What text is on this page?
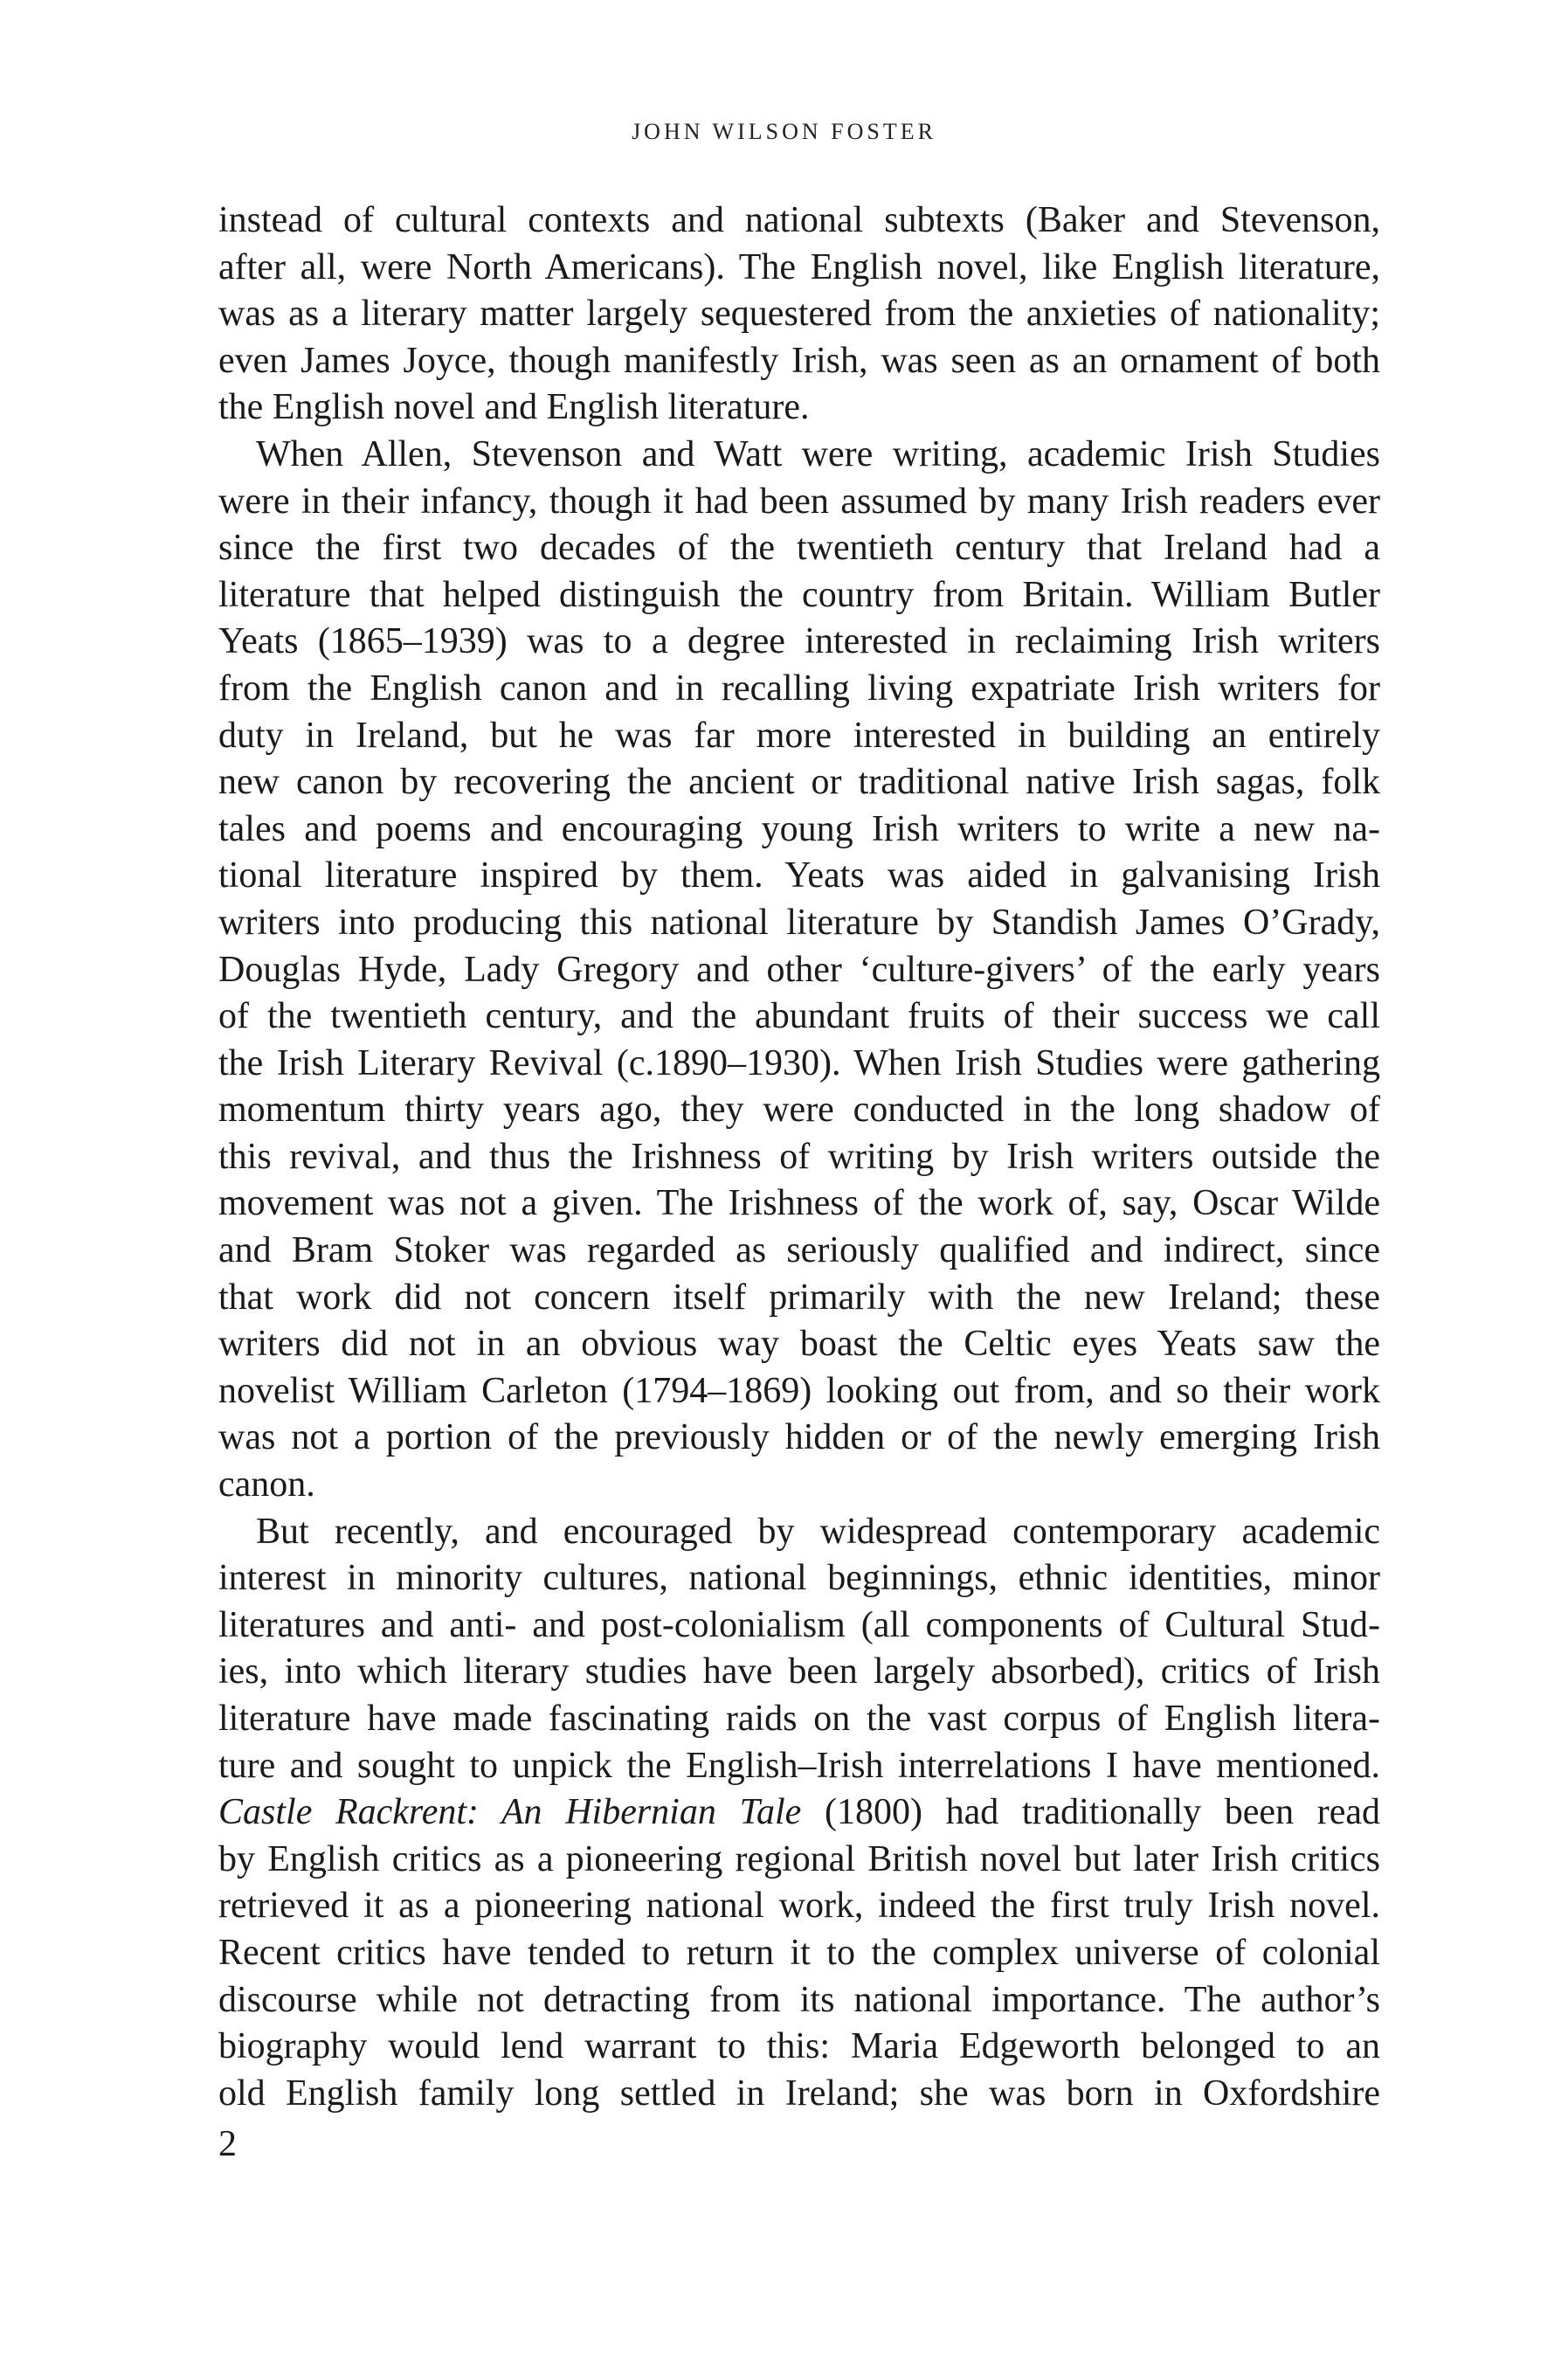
JOHN WILSON FOSTER

instead of cultural contexts and national subtexts (Baker and Stevenson,
after all, were North Americans). The English novel, like English literature,
was as a literary matter largely sequestered from the anxieties of nationality;
even James Joyce, though manifestly Irish, was seen as an ornament of both
the English novel and English literature.

When Allen, Stevenson and Watt were writing, academic Irish Studies
were in their infancy, though it had been assumed by many Irish readers ever
since the first two decades of the twentieth century that Ireland had a
literature that helped distinguish the country from Britain. William Butler
Yeats (1865–1939) was to a degree interested in reclaiming Irish writers
from the English canon and in recalling living expatriate Irish writers for
duty in Ireland, but he was far more interested in building an entirely
new canon by recovering the ancient or traditional native Irish sagas, folk
tales and poems and encouraging young Irish writers to write a new na-
tional literature inspired by them. Yeats was aided in galvanising Irish
writers into producing this national literature by Standish James O’Grady,
Douglas Hyde, Lady Gregory and other ‘culture-givers’ of the early years
of the twentieth century, and the abundant fruits of their success we call
the Irish Literary Revival (c.1890–1930). When Irish Studies were gathering
momentum thirty years ago, they were conducted in the long shadow of
this revival, and thus the Irishness of writing by Irish writers outside the
movement was not a given. The Irishness of the work of, say, Oscar Wilde
and Bram Stoker was regarded as seriously qualified and indirect, since
that work did not concern itself primarily with the new Ireland; these
writers did not in an obvious way boast the Celtic eyes Yeats saw the
novelist William Carleton (1794–1869) looking out from, and so their work
was not a portion of the previously hidden or of the newly emerging Irish
canon.

But recently, and encouraged by widespread contemporary academic
interest in minority cultures, national beginnings, ethnic identities, minor
literatures and anti- and post-colonialism (all components of Cultural Stud-
ies, into which literary studies have been largely absorbed), critics of Irish
literature have made fascinating raids on the vast corpus of English litera-
ture and sought to unpick the English–Irish interrelations I have mentioned.
Castle Rackrent: An Hibernian Tale (1800) had traditionally been read
by English critics as a pioneering regional British novel but later Irish critics
retrieved it as a pioneering national work, indeed the first truly Irish novel.
Recent critics have tended to return it to the complex universe of colonial
discourse while not detracting from its national importance. The author’s
biography would lend warrant to this: Maria Edgeworth belonged to an
old English family long settled in Ireland; she was born in Oxfordshire

2
